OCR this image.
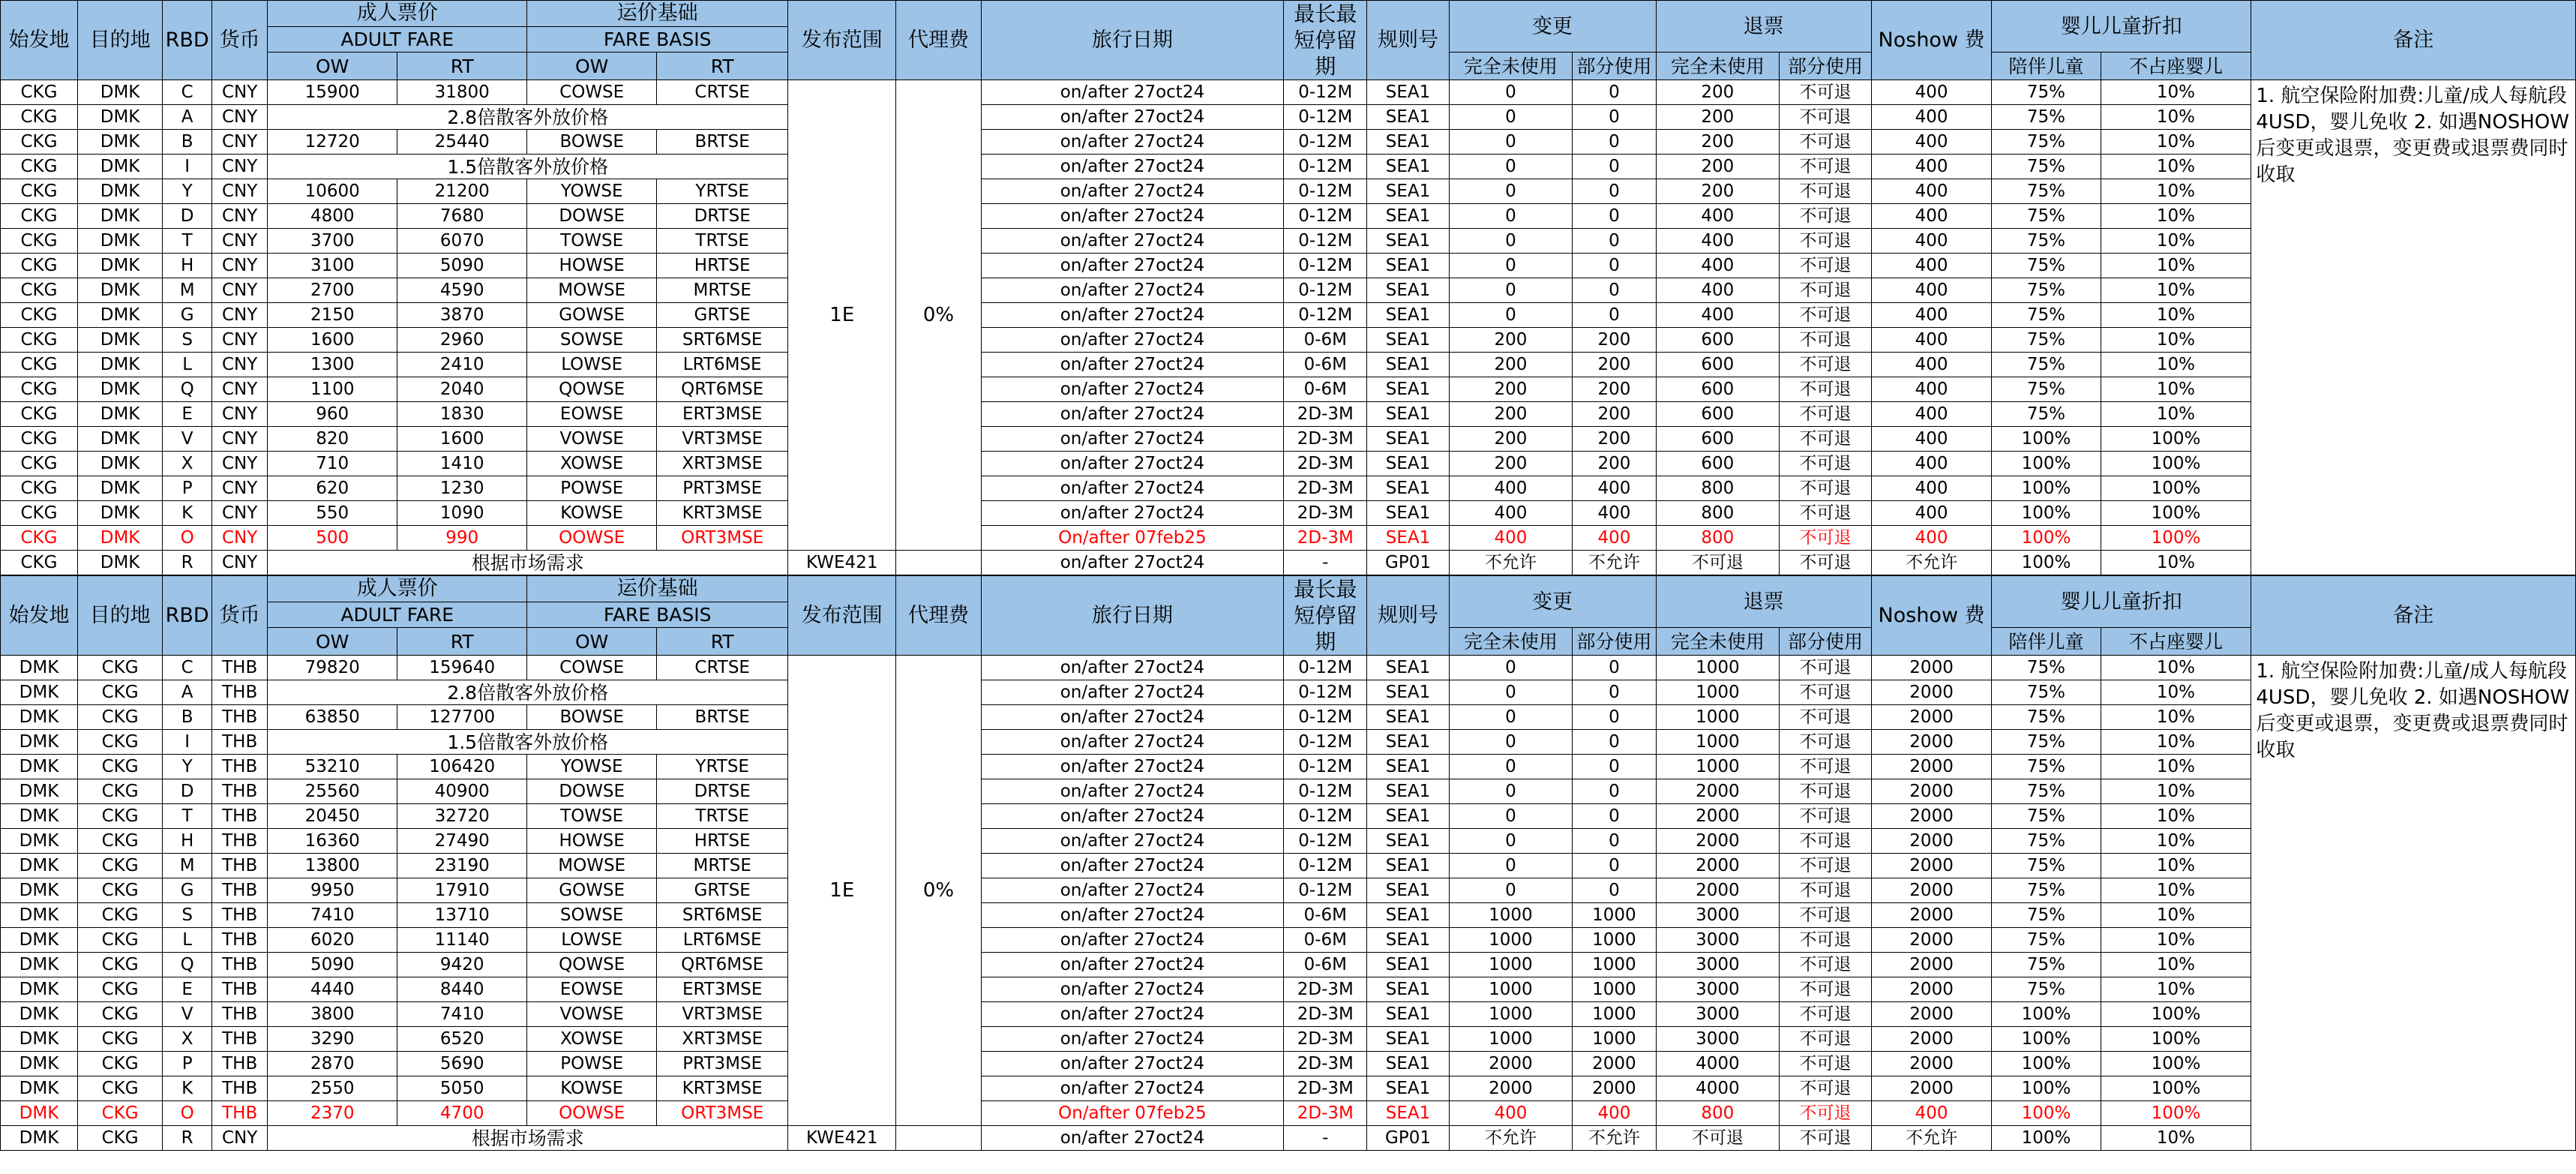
始发地	目的地	RBD	货币	成人票价		运价基础		发布范围	代理费	旅行日期	最长最短停留期	规则号	变更		退票		Noshow 费	婴儿儿童折扣		备注
				ADULT FARE		FARE BASIS														
				OW	RT	OW	RT						完全未使用	部分使用	完全未使用	部分使用		陪伴儿童	不占座婴儿	
CKG	DMK	C	CNY	15900	31800	COWSE	CRTSE	1E	0%	on/after 27oct24	0-12M	SEA1	0	0	200	不可退	400	75%	10%	1. 航空保险附加费:儿童/成人每航段4USD，婴儿免收 2. 如遇NOSHOW后变更或退票，变更费或退票费同时收取
CKG	DMK	A	CNY	2.8倍散客外放价格						on/after 27oct24	0-12M	SEA1	0	0	200	不可退	400	75%	10%	
CKG	DMK	B	CNY	12720	25440	BOWSE	BRTSE			on/after 27oct24	0-12M	SEA1	0	0	200	不可退	400	75%	10%	
CKG	DMK	I	CNY	1.5倍散客外放价格						on/after 27oct24	0-12M	SEA1	0	0	200	不可退	400	75%	10%	
CKG	DMK	Y	CNY	10600	21200	YOWSE	YRTSE			on/after 27oct24	0-12M	SEA1	0	0	200	不可退	400	75%	10%	
CKG	DMK	D	CNY	4800	7680	DOWSE	DRTSE			on/after 27oct24	0-12M	SEA1	0	0	400	不可退	400	75%	10%	
CKG	DMK	T	CNY	3700	6070	TOWSE	TRTSE			on/after 27oct24	0-12M	SEA1	0	0	400	不可退	400	75%	10%	
CKG	DMK	H	CNY	3100	5090	HOWSE	HRTSE			on/after 27oct24	0-12M	SEA1	0	0	400	不可退	400	75%	10%	
CKG	DMK	M	CNY	2700	4590	MOWSE	MRTSE			on/after 27oct24	0-12M	SEA1	0	0	400	不可退	400	75%	10%	
CKG	DMK	G	CNY	2150	3870	GOWSE	GRTSE			on/after 27oct24	0-12M	SEA1	0	0	400	不可退	400	75%	10%	
CKG	DMK	S	CNY	1600	2960	SOWSE	SRT6MSE			on/after 27oct24	0-6M	SEA1	200	200	600	不可退	400	75%	10%	
CKG	DMK	L	CNY	1300	2410	LOWSE	LRT6MSE			on/after 27oct24	0-6M	SEA1	200	200	600	不可退	400	75%	10%	
CKG	DMK	Q	CNY	1100	2040	QOWSE	QRT6MSE			on/after 27oct24	0-6M	SEA1	200	200	600	不可退	400	75%	10%	
CKG	DMK	E	CNY	960	1830	EOWSE	ERT3MSE			on/after 27oct24	2D-3M	SEA1	200	200	600	不可退	400	75%	10%	
CKG	DMK	V	CNY	820	1600	VOWSE	VRT3MSE			on/after 27oct24	2D-3M	SEA1	200	200	600	不可退	400	100%	100%	
CKG	DMK	X	CNY	710	1410	XOWSE	XRT3MSE			on/after 27oct24	2D-3M	SEA1	200	200	600	不可退	400	100%	100%	
CKG	DMK	P	CNY	620	1230	POWSE	PRT3MSE			on/after 27oct24	2D-3M	SEA1	400	400	800	不可退	400	100%	100%	
CKG	DMK	K	CNY	550	1090	KOWSE	KRT3MSE			on/after 27oct24	2D-3M	SEA1	400	400	800	不可退	400	100%	100%	
CKG	DMK	O	CNY	500	990	OOWSE	ORT3MSE			On/after 07feb25	2D-3M	SEA1	400	400	800	不可退	400	100%	100%	
CKG	DMK	R	CNY	根据市场需求				KWE421		on/after 27oct24	-	GP01	不允许	不允许	不可退	不可退	不允许	100%	10%	
始发地	目的地	RBD	货币	成人票价		运价基础		发布范围	代理费	旅行日期	最长最短停留期	规则号	变更		退票		Noshow 费	婴儿儿童折扣		备注
				ADULT FARE		FARE BASIS														
				OW	RT	OW	RT						完全未使用	部分使用	完全未使用	部分使用		陪伴儿童	不占座婴儿	
DMK	CKG	C	THB	79820	159640	COWSE	CRTSE	1E	0%	on/after 27oct24	0-12M	SEA1	0	0	1000	不可退	2000	75%	10%	1. 航空保险附加费:儿童/成人每航段4USD，婴儿免收 2. 如遇NOSHOW后变更或退票，变更费或退票费同时收取
DMK	CKG	A	THB	2.8倍散客外放价格						on/after 27oct24	0-12M	SEA1	0	0	1000	不可退	2000	75%	10%	
DMK	CKG	B	THB	63850	127700	BOWSE	BRTSE			on/after 27oct24	0-12M	SEA1	0	0	1000	不可退	2000	75%	10%	
DMK	CKG	I	THB	1.5倍散客外放价格						on/after 27oct24	0-12M	SEA1	0	0	1000	不可退	2000	75%	10%	
DMK	CKG	Y	THB	53210	106420	YOWSE	YRTSE			on/after 27oct24	0-12M	SEA1	0	0	1000	不可退	2000	75%	10%	
DMK	CKG	D	THB	25560	40900	DOWSE	DRTSE			on/after 27oct24	0-12M	SEA1	0	0	2000	不可退	2000	75%	10%	
DMK	CKG	T	THB	20450	32720	TOWSE	TRTSE			on/after 27oct24	0-12M	SEA1	0	0	2000	不可退	2000	75%	10%	
DMK	CKG	H	THB	16360	27490	HOWSE	HRTSE			on/after 27oct24	0-12M	SEA1	0	0	2000	不可退	2000	75%	10%	
DMK	CKG	M	THB	13800	23190	MOWSE	MRTSE			on/after 27oct24	0-12M	SEA1	0	0	2000	不可退	2000	75%	10%	
DMK	CKG	G	THB	9950	17910	GOWSE	GRTSE			on/after 27oct24	0-12M	SEA1	0	0	2000	不可退	2000	75%	10%	
DMK	CKG	S	THB	7410	13710	SOWSE	SRT6MSE			on/after 27oct24	0-6M	SEA1	1000	1000	3000	不可退	2000	75%	10%	
DMK	CKG	L	THB	6020	11140	LOWSE	LRT6MSE			on/after 27oct24	0-6M	SEA1	1000	1000	3000	不可退	2000	75%	10%	
DMK	CKG	Q	THB	5090	9420	QOWSE	QRT6MSE			on/after 27oct24	0-6M	SEA1	1000	1000	3000	不可退	2000	75%	10%	
DMK	CKG	E	THB	4440	8440	EOWSE	ERT3MSE			on/after 27oct24	2D-3M	SEA1	1000	1000	3000	不可退	2000	75%	10%	
DMK	CKG	V	THB	3800	7410	VOWSE	VRT3MSE			on/after 27oct24	2D-3M	SEA1	1000	1000	3000	不可退	2000	100%	100%	
DMK	CKG	X	THB	3290	6520	XOWSE	XRT3MSE			on/after 27oct24	2D-3M	SEA1	1000	1000	3000	不可退	2000	100%	100%	
DMK	CKG	P	THB	2870	5690	POWSE	PRT3MSE			on/after 27oct24	2D-3M	SEA1	2000	2000	4000	不可退	2000	100%	100%	
DMK	CKG	K	THB	2550	5050	KOWSE	KRT3MSE			on/after 27oct24	2D-3M	SEA1	2000	2000	4000	不可退	2000	100%	100%	
DMK	CKG	O	THB	2370	4700	OOWSE	ORT3MSE			On/after 07feb25	2D-3M	SEA1	400	400	800	不可退	400	100%	100%	
DMK	CKG	R	CNY	根据市场需求				KWE421		on/after 27oct24	-	GP01	不允许	不允许	不可退	不可退	不允许	100%	10%	
